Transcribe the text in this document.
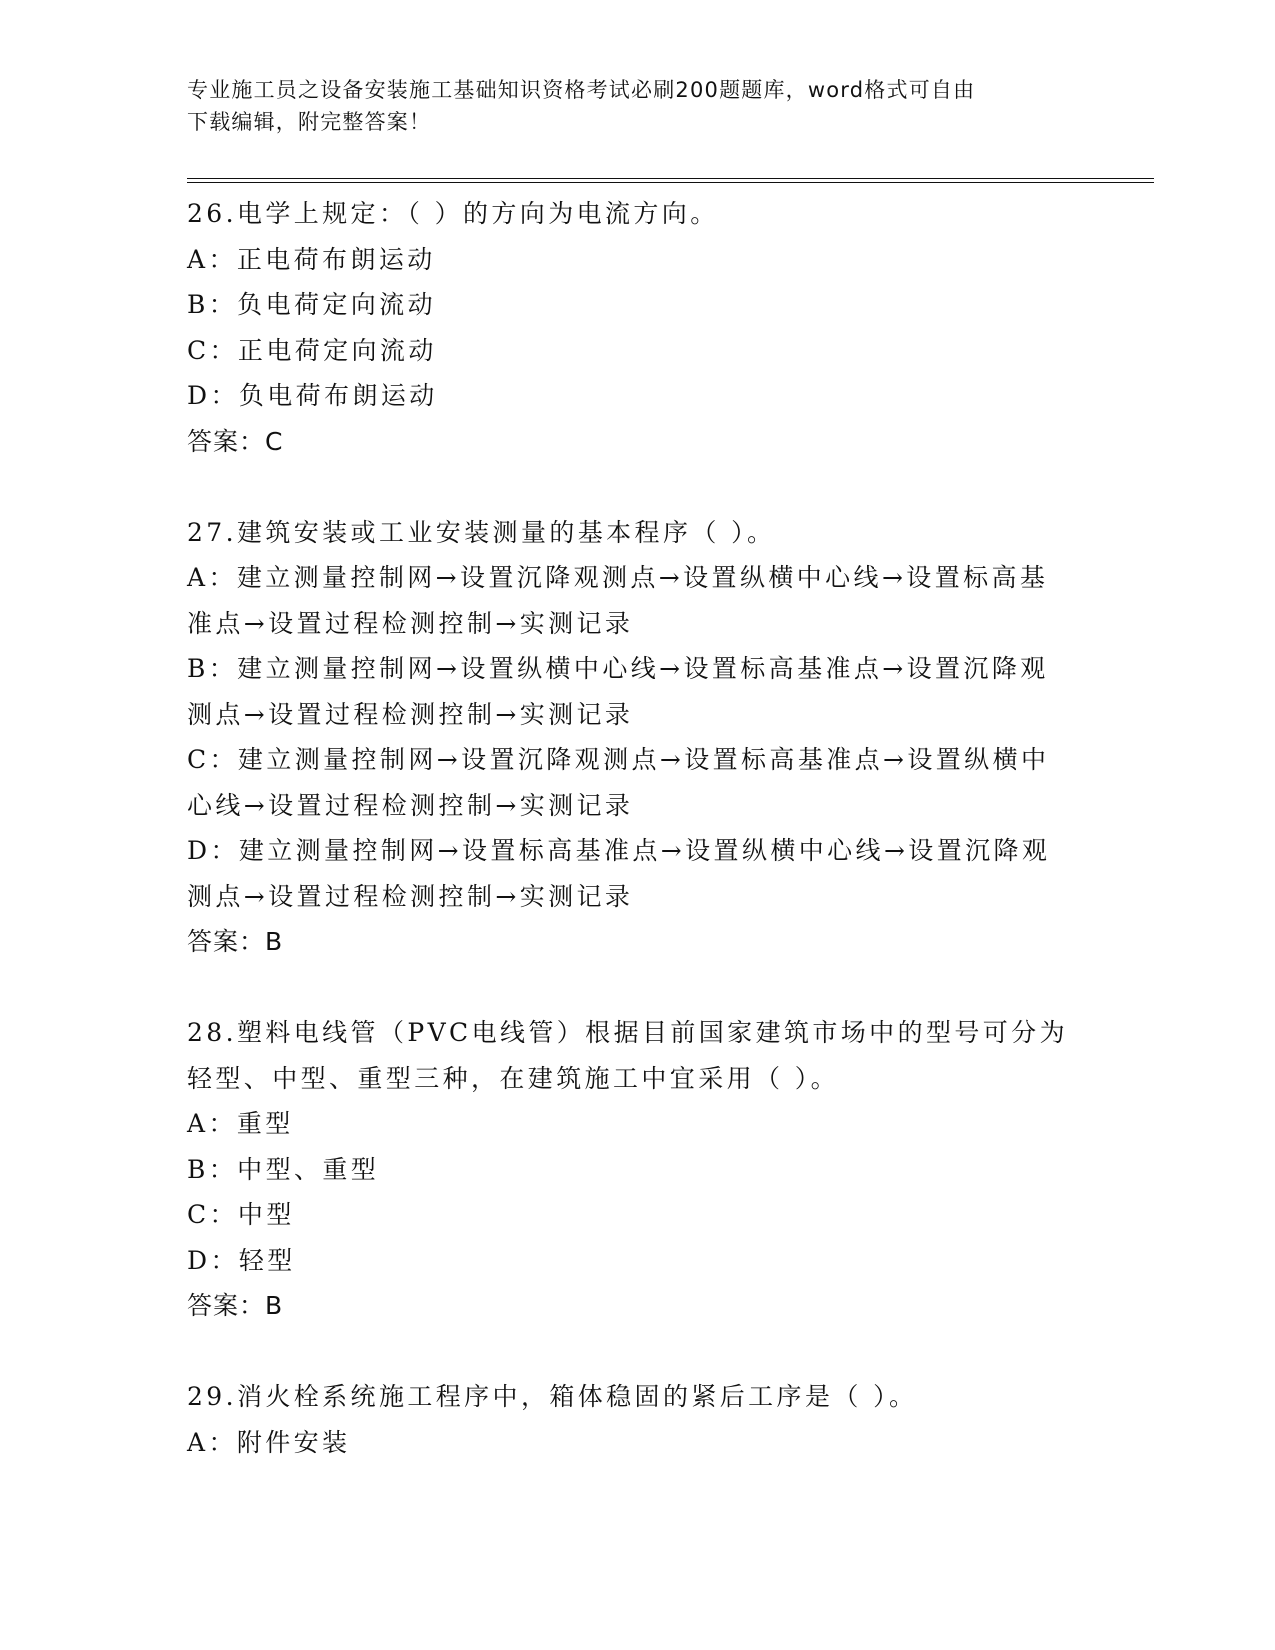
专业施工员之设备安装施工基础知识资格考试必刷200题题库，word格式可自由
下载编辑，附完整答案！
26.电学上规定：（ ）的方向为电流方向。
A：正电荷布朗运动
B：负电荷定向流动
C：正电荷定向流动
D：负电荷布朗运动
答案：C
27.建筑安装或工业安装测量的基本程序（ ）。
A：建立测量控制网→设置沉降观测点→设置纵横中心线→设置标高基
准点→设置过程检测控制→实测记录
B：建立测量控制网→设置纵横中心线→设置标高基准点→设置沉降观
测点→设置过程检测控制→实测记录
C：建立测量控制网→设置沉降观测点→设置标高基准点→设置纵横中
心线→设置过程检测控制→实测记录
D：建立测量控制网→设置标高基准点→设置纵横中心线→设置沉降观
测点→设置过程检测控制→实测记录
答案：B
28.塑料电线管（PVC电线管）根据目前国家建筑市场中的型号可分为
轻型、中型、重型三种，在建筑施工中宜采用（ ）。
A：重型
B：中型、重型
C：中型
D：轻型
答案：B
29.消火栓系统施工程序中，箱体稳固的紧后工序是（ ）。
A：附件安装
